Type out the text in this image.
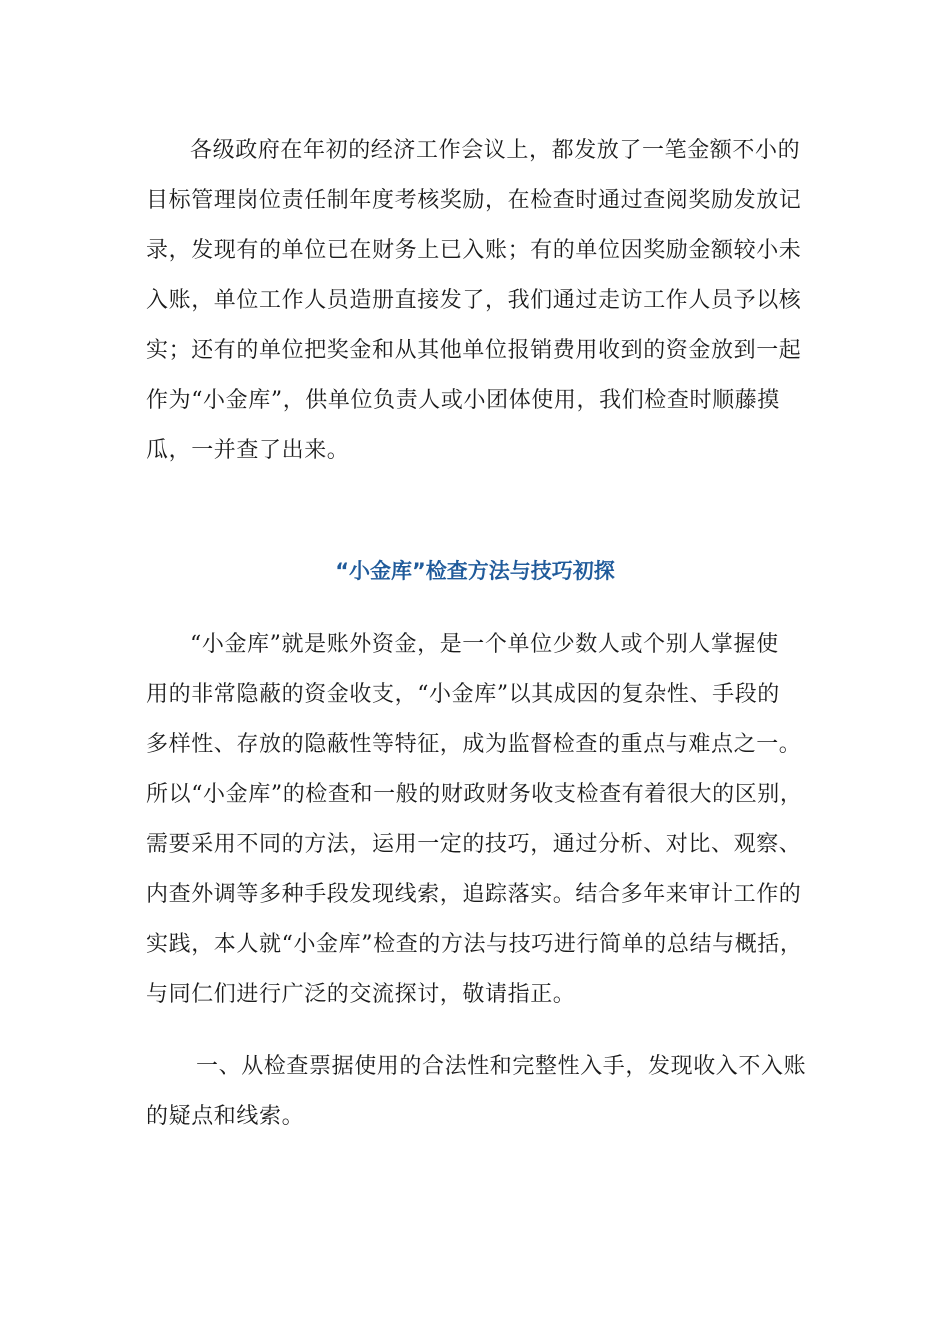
各级政府在年初的经济工作会议上，都发放了一笔金额不小的

目标管理岗位责任制年度考核奖励，在检查时通过查阅奖励发放记

录，发现有的单位已在财务上已入账；有的单位因奖励金额较小未

入账，单位工作人员造册直接发了，我们通过走访工作人员予以核

实；还有的单位把奖金和从其他单位报销费用收到的资金放到一起

作为“小金库”，供单位负责人或小团体使用，我们检查时顺藤摸

瓜，一并查了出来。

“小金库”检查方法与技巧初探

“小金库”就是账外资金，是一个单位少数人或个别人掌握使

用的非常隐蔽的资金收支，“小金库”以其成因的复杂性、手段的

多样性、存放的隐蔽性等特征，成为监督检查的重点与难点之一。

所以“小金库”的检查和一般的财政财务收支检查有着很大的区别，

需要采用不同的方法，运用一定的技巧，通过分析、对比、观察、

内查外调等多种手段发现线索，追踪落实。结合多年来审计工作的

实践，本人就“小金库”检查的方法与技巧进行简单的总结与概括，

与同仁们进行广泛的交流探讨，敬请指正。

一、从检查票据使用的合法性和完整性入手，发现收入不入账

的疑点和线索。
